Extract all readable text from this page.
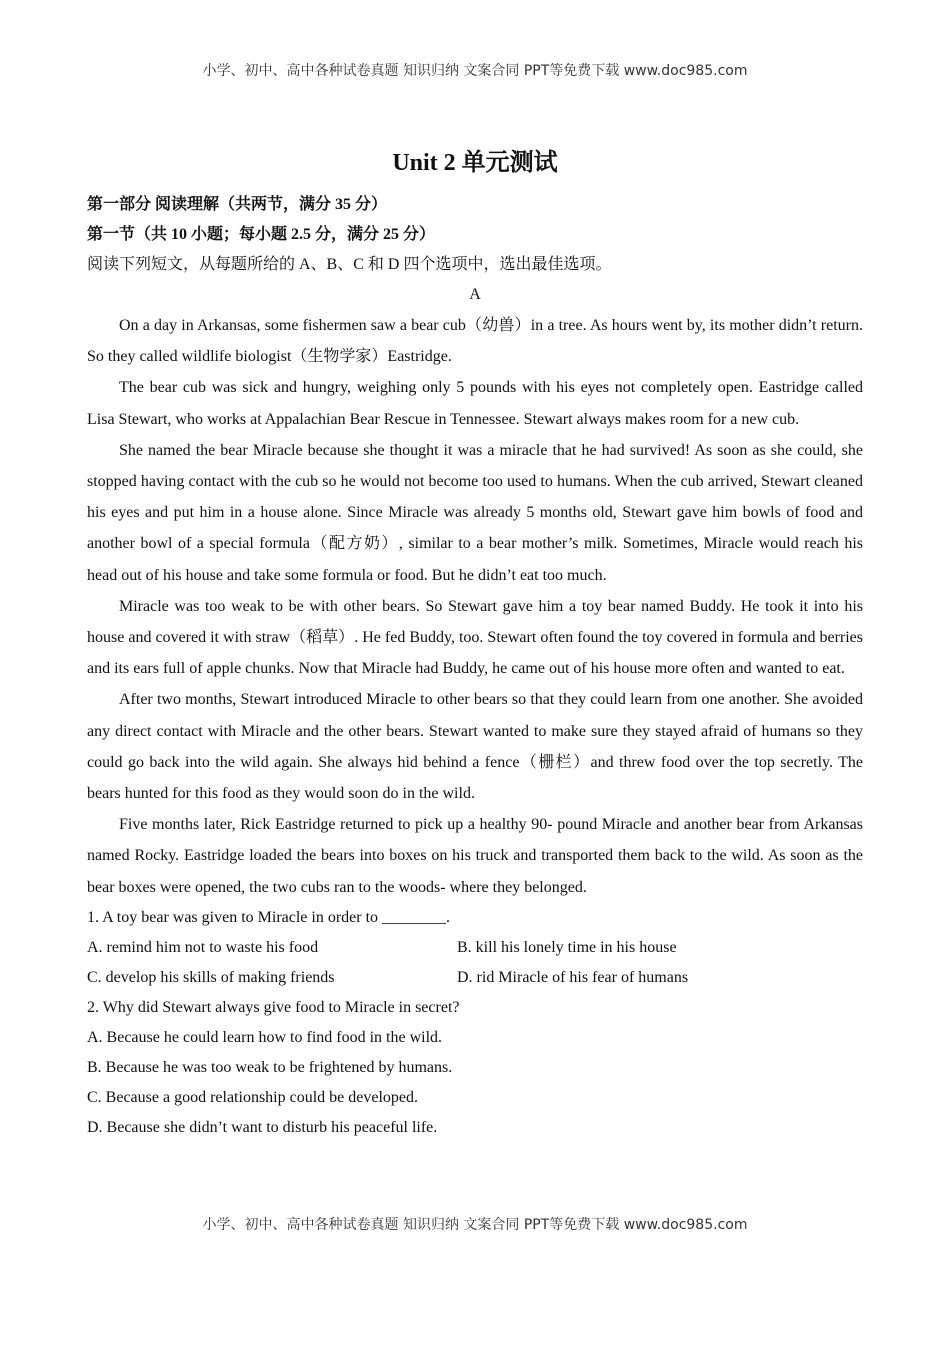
小学、初中、高中各种试卷真题 知识归纳 文案合同 PPT等免费下载 www.doc985.com
Unit 2 单元测试

第一部分 阅读理解（共两节，满分 35 分）

第一节（共 10 小题；每小题 2.5 分，满分 25 分）

阅读下列短文，从每题所给的 A、B、C 和 D 四个选项中，选出最佳选项。

A

On a day in Arkansas, some fishermen saw a bear cub（幼兽）in a tree. As hours went by, its mother didn’t return. So they called wildlife biologist（生物学家）Eastridge.

The bear cub was sick and hungry, weighing only 5 pounds with his eyes not completely open. Eastridge called Lisa Stewart, who works at Appalachian Bear Rescue in Tennessee. Stewart always makes room for a new cub.

She named the bear Miracle because she thought it was a miracle that he had survived! As soon as she could, she stopped having contact with the cub so he would not become too used to humans. When the cub arrived, Stewart cleaned his eyes and put him in a house alone. Since Miracle was already 5 months old, Stewart gave him bowls of food and another bowl of a special formula（配方奶）, similar to a bear mother’s milk. Sometimes, Miracle would reach his head out of his house and take some formula or food. But he didn’t eat too much.

Miracle was too weak to be with other bears. So Stewart gave him a toy bear named Buddy. He took it into his house and covered it with straw（稻草）. He fed Buddy, too. Stewart often found the toy covered in formula and berries and its ears full of apple chunks. Now that Miracle had Buddy, he came out of his house more often and wanted to eat.

After two months, Stewart introduced Miracle to other bears so that they could learn from one another. She avoided any direct contact with Miracle and the other bears. Stewart wanted to make sure they stayed afraid of humans so they could go back into the wild again. She always hid behind a fence（栅栏）and threw food over the top secretly. The bears hunted for this food as they would soon do in the wild.

Five months later, Rick Eastridge returned to pick up a healthy 90- pound Miracle and another bear from Arkansas named Rocky. Eastridge loaded the bears into boxes on his truck and transported them back to the wild. As soon as the bear boxes were opened, the two cubs ran to the woods- where they belonged.

1. A toy bear was given to Miracle in order to ________.

A. remind him not to waste his food	B. kill his lonely time in his house
C. develop his skills of making friends	D. rid Miracle of his fear of humans

2. Why did Stewart always give food to Miracle in secret?

A. Because he could learn how to find food in the wild.

B. Because he was too weak to be frightened by humans.

C. Because a good relationship could be developed.

D. Because she didn’t want to disturb his peaceful life.

小学、初中、高中各种试卷真题 知识归纳 文案合同 PPT等免费下载 www.doc985.com
